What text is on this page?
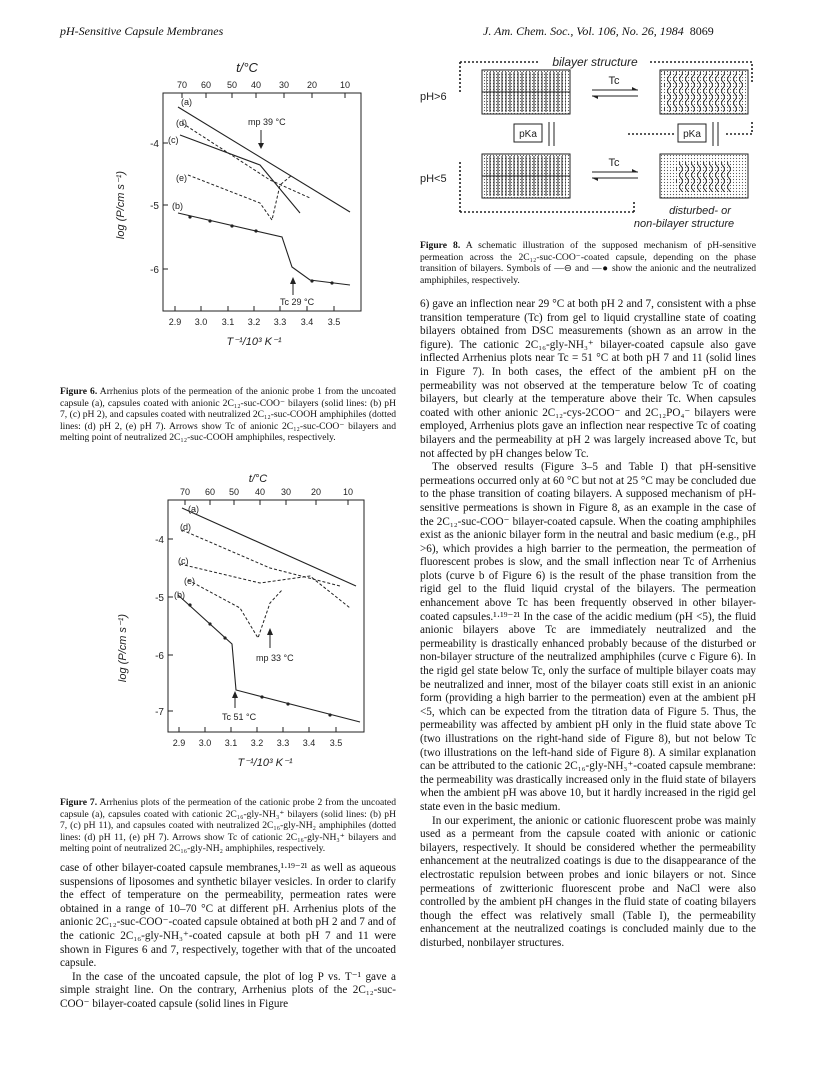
pH-Sensitive Capsule Membranes	J. Am. Chem. Soc., Vol. 106, No. 26, 1984 8069
t/°C
70 60 50 40 30 20	10
-4
-5
-6
log (P/cm s⁻¹)
2.9 3.0 3.1 3.2 3.3 3.4 3.5
T⁻¹/10³ K⁻¹
(a)
(d)
(c)
(e)
(b)
mp 39 °C
Tc 29 °C
Figure 6. Arrhenius plots of the permeation of the anionic probe 1 from the uncoated capsule (a), capsules coated with anionic 2C₁₂-suc-COO⁻ bilayers (solid lines: (b) pH 7, (c) pH 2), and capsules coated with neutralized 2C₁₂-suc-COOH amphiphiles (dotted lines: (d) pH 2, (e) pH 7). Arrows show Tc of anionic 2C₁₂-suc-COO⁻ bilayers and melting point of neutralized 2C₁₂-suc-COOH amphiphiles, respectively.
t/°C
70 60 50 40 30 20 10
-4
-5
-6
-7
log (P/cm s⁻¹)
2.9 3.0 3.1 3.2 3.3 3.4 3.5
T⁻¹/10³ K⁻¹
(a)
(d)
(c)
(e)
(b)
mp 33 °C
Tc 51 °C
Figure 7. Arrhenius plots of the permeation of the cationic probe 2 from the uncoated capsule (a), capsules coated with cationic 2C₁₆-gly-NH₃⁺ bilayers (solid lines: (b) pH 7, (c) pH 11), and capsules coated with neutralized 2C₁₆-gly-NH₂ amphiphiles (dotted lines: (d) pH 11, (e) pH 7). Arrows show Tc of cationic 2C₁₆-gly-NH₃⁺ bilayers and melting point of neutralized 2C₁₆-gly-NH₂ amphiphiles, respectively.

case of other bilayer-coated capsule membranes,¹·¹⁹⁻²¹ as well as aqueous suspensions of liposomes and synthetic bilayer vesicles. In order to clarify the effect of temperature on the permeability, permeation rates were obtained in a range of 10–70 °C at different pH. Arrhenius plots of the anionic 2C₁₂-suc-COO⁻-coated capsule obtained at both pH 2 and 7 and of the cationic 2C₁₆-gly-NH₃⁺-coated capsule at both pH 7 and 11 were shown in Figures 6 and 7, respectively, together with that of the uncoated capsule.

In the case of the uncoated capsule, the plot of log P vs. T⁻¹ gave a simple straight line. On the contrary, Arrhenius plots of the 2C₁₂-suc-COO⁻ bilayer-coated capsule (solid lines in Figure

bilayer structure
pH>6
pH<5
Tc
Tc
pKa	pKa
disturbed- or
non-bilayer structure
Figure 8. A schematic illustration of the supposed mechanism of pH-sensitive permeation across the 2C₁₂-suc-COO⁻-coated capsule, depending on the phase transition of bilayers. Symbols of —⊖ and —● show the anionic and the neutralized amphiphiles, respectively.

6) gave an inflection near 29 °C at both pH 2 and 7, consistent with a phse transition temperature (Tc) from gel to liquid crystalline state of coating bilayers obtained from DSC measurements (shown as an arrow in the figure). The cationic 2C₁₆-gly-NH₃⁺ bilayer-coated capsule also gave inflected Arrhenius plots near Tc = 51 °C at both pH 7 and 11 (solid lines in Figure 7). In both cases, the effect of the ambient pH on the permeability was not observed at the temperature below Tc of coating bilayers, but clearly at the temperature above their Tc. When capsules coated with other anionic 2C₁₂-cys-2COO⁻ and 2C₁₂PO₄⁻ bilayers were employed, Arrhenius plots gave an inflection near respective Tc of coating bilayers and the permeability at pH 2 was largely increased above Tc, but not affected by pH changes below Tc.

The observed results (Figure 3–5 and Table I) that pH-sensitive permeations occurred only at 60 °C but not at 25 °C may be concluded due to the phase transition of coating bilayers. A supposed mechanism of pH-sensitive permeations is shown in Figure 8, as an example in the case of the 2C₁₂-suc-COO⁻ bilayer-coated capsule. When the coating amphiphiles exist as the anionic bilayer form in the neutral and basic medium (e.g., pH >6), which provides a high barrier to the permeation, the permeation of fluorescent probes is slow, and the small inflection near Tc of Arrhenius plots (curve b of Figure 6) is the result of the phase transition from the rigid gel to the fluid liquid crystal of the bilayers. The permeation enhancement above Tc has been frequently observed in other bilayer-coated capsules.¹·¹⁹⁻²¹ In the case of the acidic medium (pH <5), the fluid anionic bilayers above Tc are immediately neutralized and the permeability is drastically enhanced probably because of the disturbed or non-bilayer structure of the neutralized amphiphiles (curve c Figure 6). In the rigid gel state below Tc, only the surface of multiple bilayer coats may be neutralized and inner, most of the bilayer coats still exist in an anionic form (providing a high barrier to the permeation) even at the ambient pH <5, which can be expected from the titration data of Figure 5. Thus, the permeability was affected by ambient pH only in the fluid state above Tc (two illustrations on the right-hand side of Figure 8), but not below Tc (two illustrations on the left-hand side of Figure 8). A similar explanation can be attributed to the cationic 2C₁₆-gly-NH₃⁺-coated capsule membrane: the permeability was drastically increased only in the fluid state of bilayers when the ambient pH was above 10, but it hardly increased in the rigid gel state even in the basic medium.

In our experiment, the anionic or cationic fluorescent probe was mainly used as a permeant from the capsule coated with anionic or cationic bilayers, respectively. It should be considered whether the permeability enhancement at the neutralized coatings is due to the disappearance of the electrostatic repulsion between probes and ionic bilayers or not. Since permeations of zwitterionic fluorescent probe and NaCl were also controlled by the ambient pH changes in the fluid state of coating bilayers though the effect was relatively small (Table I), the permeability enhancement at the neutralized coatings is concluded mainly due to the disturbed, nonbilayer structures.
